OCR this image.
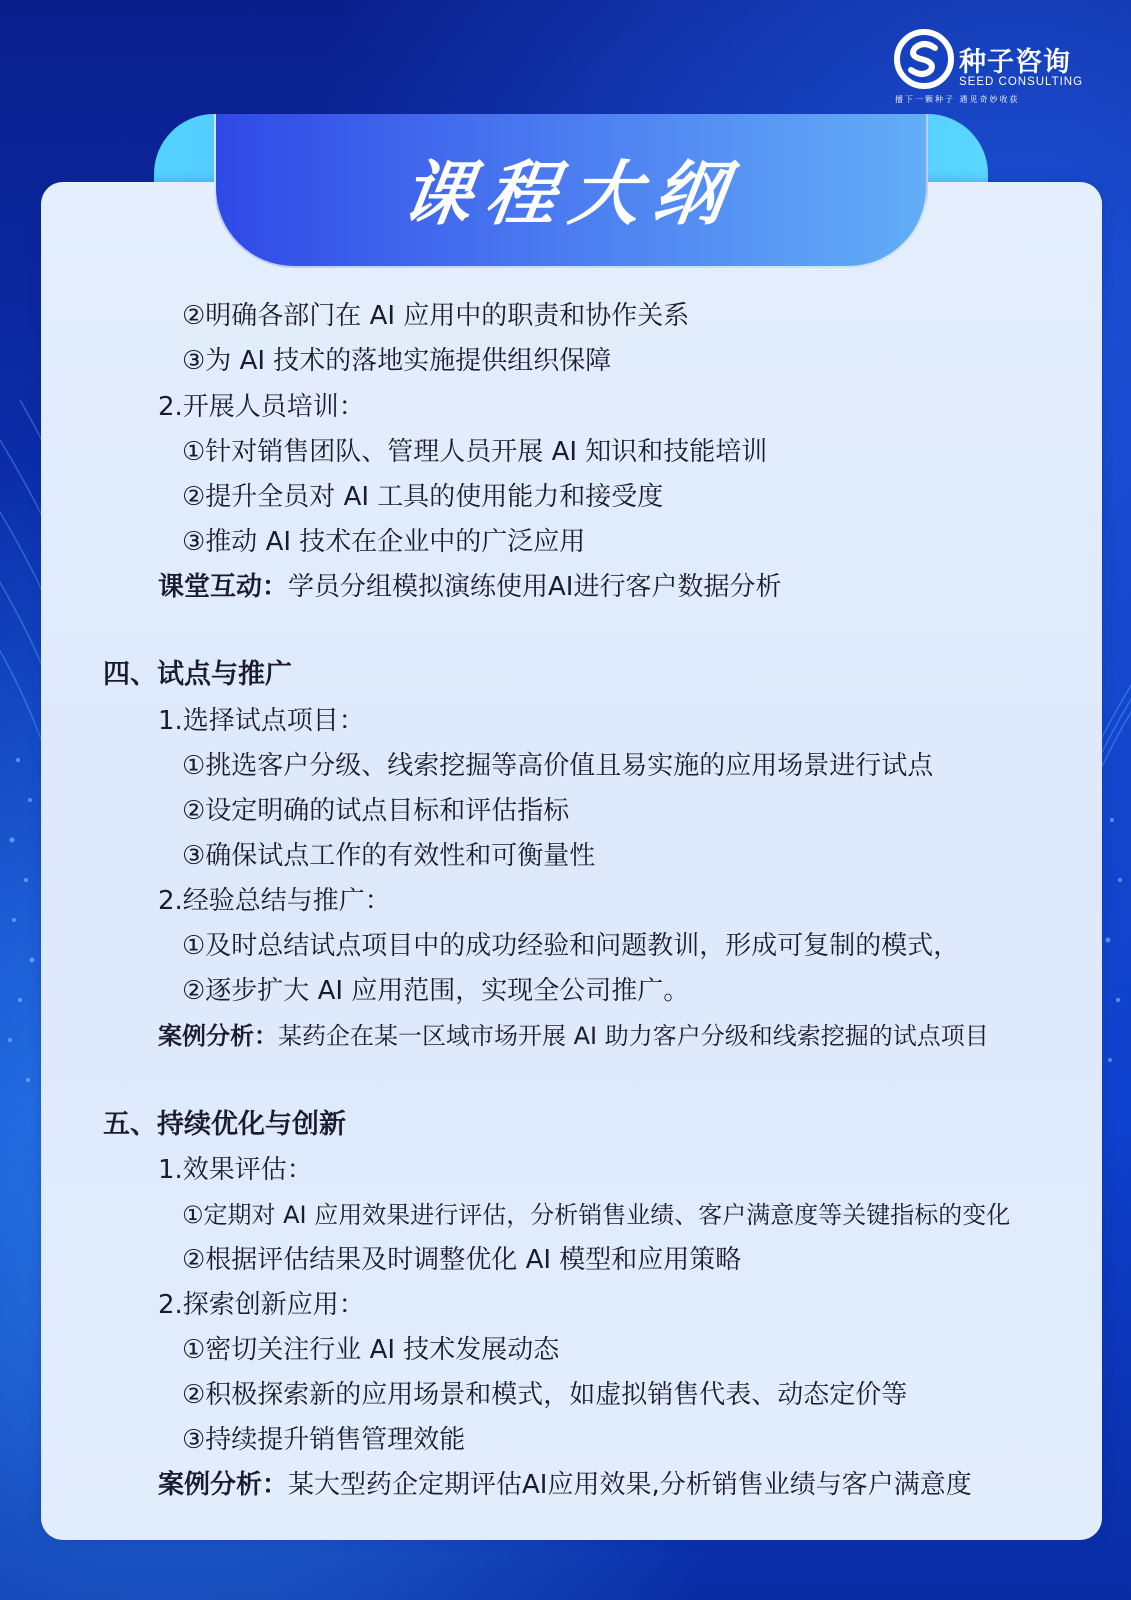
种子咨询
SEED CONSULTING
播下一颗种子 遇见奇妙收获
课程大纲
②明确各部门在 AI 应用中的职责和协作关系
③为 AI 技术的落地实施提供组织保障
2.开展人员培训：
①针对销售团队、管理人员开展 AI 知识和技能培训
②提升全员对 AI 工具的使用能力和接受度
③推动 AI 技术在企业中的广泛应用
课堂互动：学员分组模拟演练使用AI进行客户数据分析
四、试点与推广
1.选择试点项目：
①挑选客户分级、线索挖掘等高价值且易实施的应用场景进行试点
②设定明确的试点目标和评估指标
③确保试点工作的有效性和可衡量性
2.经验总结与推广：
①及时总结试点项目中的成功经验和问题教训，形成可复制的模式，
②逐步扩大 AI 应用范围，实现全公司推广。
案例分析：某药企在某一区域市场开展 AI 助力客户分级和线索挖掘的试点项目
五、持续优化与创新
1.效果评估：
①定期对 AI 应用效果进行评估，分析销售业绩、客户满意度等关键指标的变化
②根据评估结果及时调整优化 AI 模型和应用策略
2.探索创新应用：
①密切关注行业 AI 技术发展动态
②积极探索新的应用场景和模式，如虚拟销售代表、动态定价等
③持续提升销售管理效能
案例分析：某大型药企定期评估AI应用效果,分析销售业绩与客户满意度
